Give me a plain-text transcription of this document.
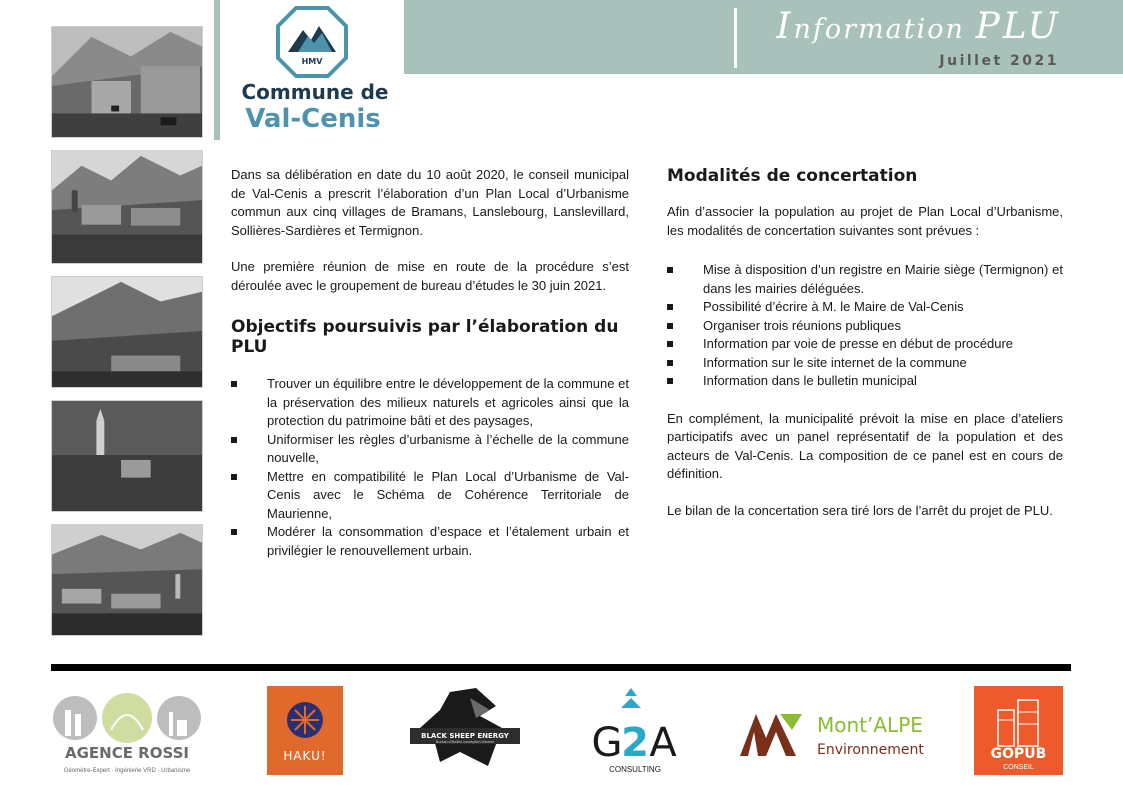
Information PLU
Juillet 2021
HMV
Commune de
Val-Cenis

Dans sa délibération en date du 10 août 2020, le conseil municipal de Val-Cenis a prescrit l’élaboration d’un Plan Local d’Urbanisme commun aux cinq villages de Bramans, Lanslebourg, Lanslevillard, Sollières-Sardières et Termignon.

Une première réunion de mise en route de la procédure s’est déroulée avec le groupement de bureau d’études le 30 juin 2021.

Objectifs poursuivis par l’élaboration du PLU
Trouver un équilibre entre le développement de la commune et la préservation des milieux naturels et agricoles ainsi que la protection du patrimoine bâti et des paysages,
Uniformiser les règles d’urbanisme à l’échelle de la commune nouvelle,
Mettre en compatibilité le Plan Local d’Urbanisme de Val-Cenis avec le Schéma de Cohérence Territoriale de Maurienne,
Modérer la consommation d’espace et l’étalement urbain et privilégier le renouvellement urbain.
Modalités de concertation

Afin d’associer la population au projet de Plan Local d’Urbanisme, les modalités de concertation suivantes sont prévues :

Mise à disposition d’un registre en Mairie siège (Termignon) et dans les mairies déléguées.
Possibilité d’écrire à M. le Maire de Val-Cenis
Organiser trois réunions publiques
Information par voie de presse en début de procédure
Information sur le site internet de la commune
Information dans le bulletin municipal

En complément, la municipalité prévoit la mise en place d’ateliers participatifs avec un panel représentatif de la population et des acteurs de Val-Cenis. La composition de ce panel est en cours de définition.

Le bilan de la concertation sera tiré lors de l’arrêt du projet de PLU.

AGENCE ROSSI
Géomètre-Expert · Ingénierie VRD · Urbanisme
HAKU!
BLACK SHEEP ENERGY
Bureau d’études conception d’avenir G
2 A
CONSULTING
Mont’ALPE
Environnement	GOPUB
CONSEIL
